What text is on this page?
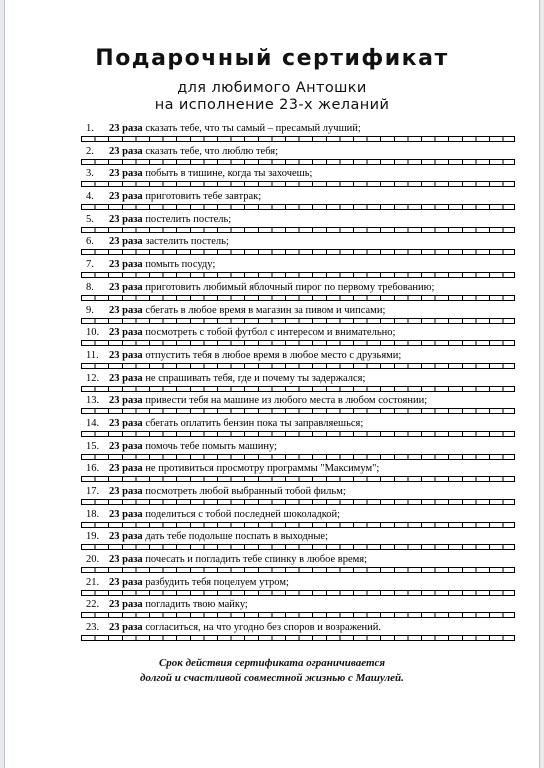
Подарочный сертификат
для любимого Антошки
на исполнение 23-х желаний
1. 23 раза сказать тебе, что ты самый – пресамый лучший;
2. 23 раза сказать тебе, что люблю тебя;
3. 23 раза побыть в тишине, когда ты захочешь;
4. 23 раза приготовить тебе завтрак;
5. 23 раза постелить постель;
6. 23 раза застелить постель;
7. 23 раза помыть посуду;
8. 23 раза приготовить любимый яблочный пирог по первому требованию;
9. 23 раза сбегать в любое время в магазин за пивом и чипсами;
10. 23 раза посмотреть с тобой футбол с интересом и внимательно;
11. 23 раза отпустить тебя в любое время в любое место с друзьями;
12. 23 раза не спрашивать тебя, где и почему ты задержался;
13. 23 раза привести тебя на машине из любого места в любом состоянии;
14. 23 раза сбегать оплатить бензин пока ты заправляешься;
15. 23 раза помочь тебе помыть машину;
16. 23 раза не противиться просмотру программы "Максимум";
17. 23 раза посмотреть любой выбранный тобой фильм;
18. 23 раза поделиться с тобой последней шоколадкой;
19. 23 раза дать тебе подольше поспать в выходные;
20. 23 раза почесать и погладить тебе спинку в любое время;
21. 23 раза разбудить тебя поцелуем утром;
22. 23 раза погладить твою майку;
23. 23 раза согласиться, на что угодно без споров и возражений.
Срок действия сертификата ограничивается
долгой и счастливой совместной жизнью с Машулей.
